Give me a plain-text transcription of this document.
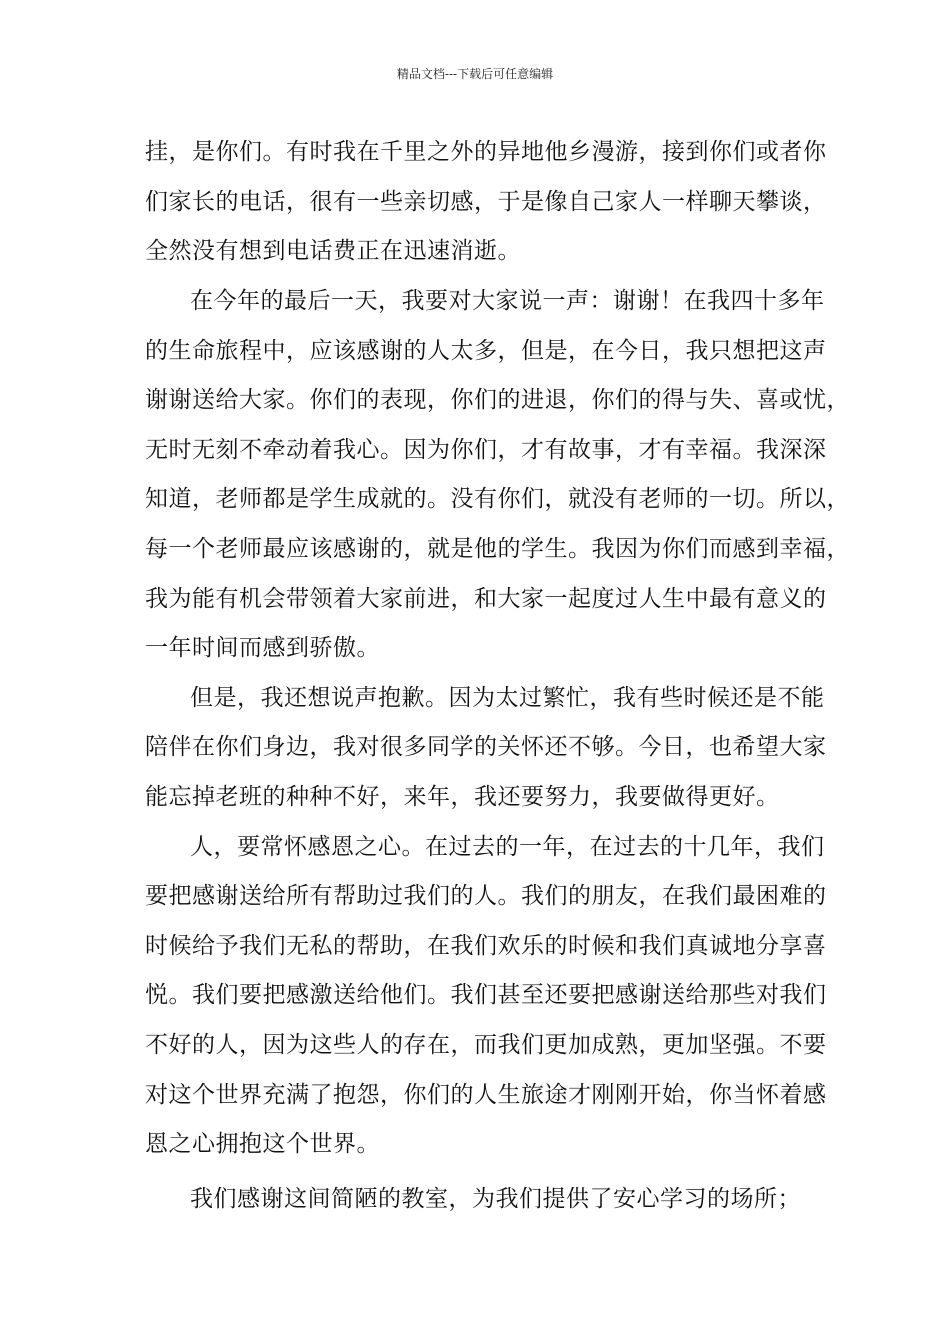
精品文档---下载后可任意编辑
挂，是你们。有时我在千里之外的异地他乡漫游，接到你们或者你
们家长的电话，很有一些亲切感，于是像自己家人一样聊天攀谈，
全然没有想到电话费正在迅速消逝。
在今年的最后一天，我要对大家说一声：谢谢！在我四十多年
的生命旅程中，应该感谢的人太多，但是，在今日，我只想把这声
谢谢送给大家。你们的表现，你们的进退，你们的得与失、喜或忧，
无时无刻不牵动着我心。因为你们，才有故事，才有幸福。我深深
知道，老师都是学生成就的。没有你们，就没有老师的一切。所以，
每一个老师最应该感谢的，就是他的学生。我因为你们而感到幸福，
我为能有机会带领着大家前进，和大家一起度过人生中最有意义的
一年时间而感到骄傲。
但是，我还想说声抱歉。因为太过繁忙，我有些时候还是不能
陪伴在你们身边，我对很多同学的关怀还不够。今日，也希望大家
能忘掉老班的种种不好，来年，我还要努力，我要做得更好。
人，要常怀感恩之心。在过去的一年，在过去的十几年，我们
要把感谢送给所有帮助过我们的人。我们的朋友，在我们最困难的
时候给予我们无私的帮助，在我们欢乐的时候和我们真诚地分享喜
悦。我们要把感激送给他们。我们甚至还要把感谢送给那些对我们
不好的人，因为这些人的存在，而我们更加成熟，更加坚强。不要
对这个世界充满了抱怨，你们的人生旅途才刚刚开始，你当怀着感
恩之心拥抱这个世界。
我们感谢这间简陋的教室，为我们提供了安心学习的场所；
